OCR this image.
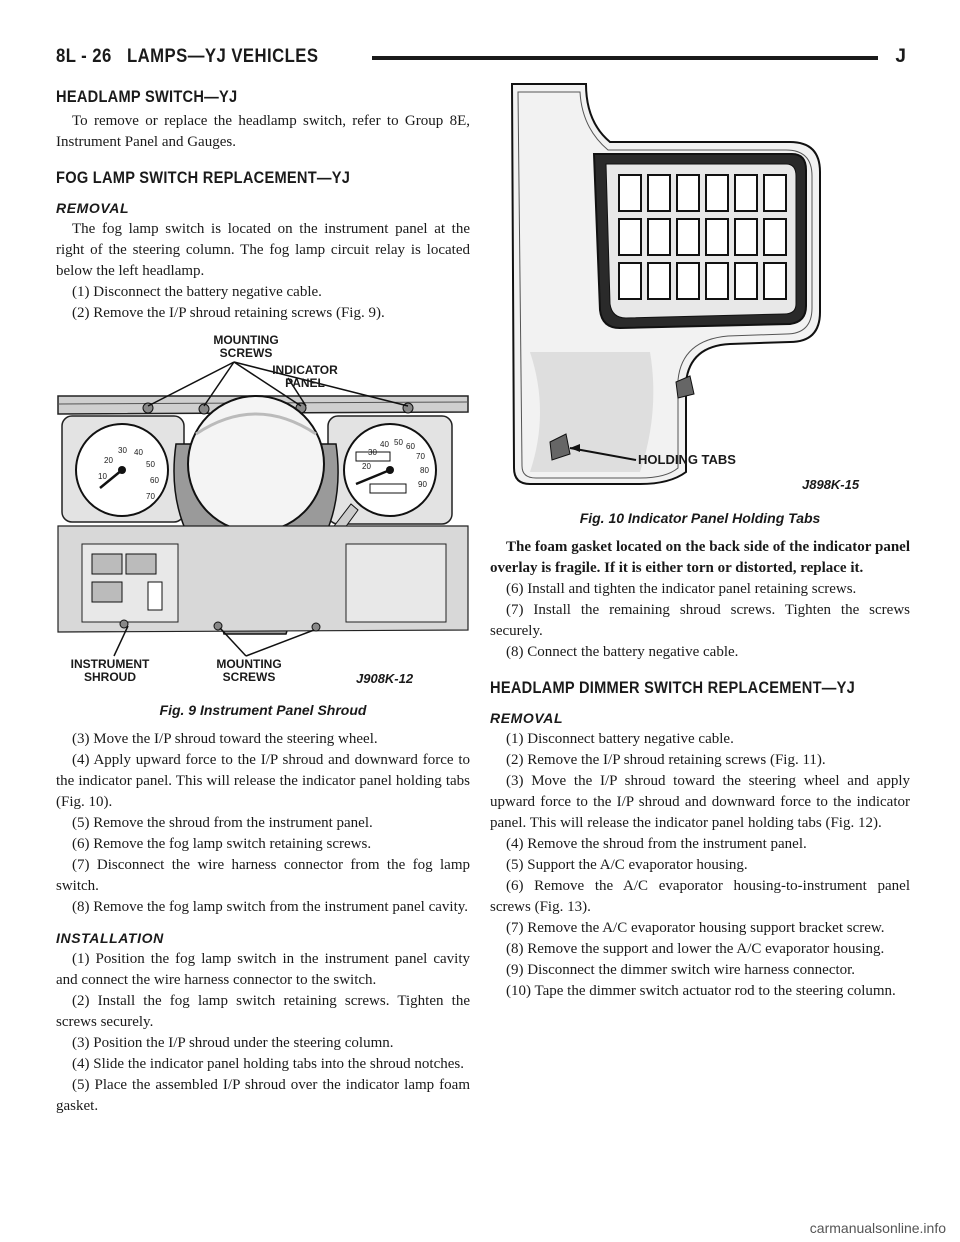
8L - 26 LAMPS—YJ VEHICLES	J
HEADLAMP SWITCH—YJ

To remove or replace the headlamp switch, refer to Group 8E, Instrument Panel and Gauges.

FOG LAMP SWITCH REPLACEMENT—YJ
REMOVAL

The fog lamp switch is located on the instrument panel at the right of the steering column. The fog lamp circuit relay is located below the left headlamp.

(1) Disconnect the battery negative cable.

(2) Remove the I/P shroud retaining screws (Fig. 9).

10
20
30 40
50
60
70
20
30
40 50 60
70
80
90
MOUNTING SCREWS
INDICATOR PANEL
INSTRUMENT SHROUD
MOUNTING SCREWS	J908K-12
Fig. 9 Instrument Panel Shroud

(3) Move the I/P shroud toward the steering wheel.

(4) Apply upward force to the I/P shroud and downward force to the indicator panel. This will release the indicator panel holding tabs (Fig. 10).

(5) Remove the shroud from the instrument panel.

(6) Remove the fog lamp switch retaining screws.

(7) Disconnect the wire harness connector from the fog lamp switch.

(8) Remove the fog lamp switch from the instrument panel cavity.

INSTALLATION

(1) Position the fog lamp switch in the instrument panel cavity and connect the wire harness connector to the switch.

(2) Install the fog lamp switch retaining screws. Tighten the screws securely.

(3) Position the I/P shroud under the steering column.

(4) Slide the indicator panel holding tabs into the shroud notches.

(5) Place the assembled I/P shroud over the indicator lamp foam gasket.

HOLDING TABS
J898K-15
Fig. 10 Indicator Panel Holding Tabs

The foam gasket located on the back side of the indicator panel overlay is fragile. If it is either torn or distorted, replace it.

(6) Install and tighten the indicator panel retaining screws.

(7) Install the remaining shroud screws. Tighten the screws securely.

(8) Connect the battery negative cable.

HEADLAMP DIMMER SWITCH REPLACEMENT—YJ
REMOVAL

(1) Disconnect battery negative cable.

(2) Remove the I/P shroud retaining screws (Fig. 11).

(3) Move the I/P shroud toward the steering wheel and apply upward force to the I/P shroud and downward force to the indicator panel. This will release the indicator panel holding tabs (Fig. 12).

(4) Remove the shroud from the instrument panel.

(5) Support the A/C evaporator housing.

(6) Remove the A/C evaporator housing-to-instrument panel screws (Fig. 13).

(7) Remove the A/C evaporator housing support bracket screw.

(8) Remove the support and lower the A/C evaporator housing.

(9) Disconnect the dimmer switch wire harness connector.

(10) Tape the dimmer switch actuator rod to the steering column.

carmanualsonline.info
